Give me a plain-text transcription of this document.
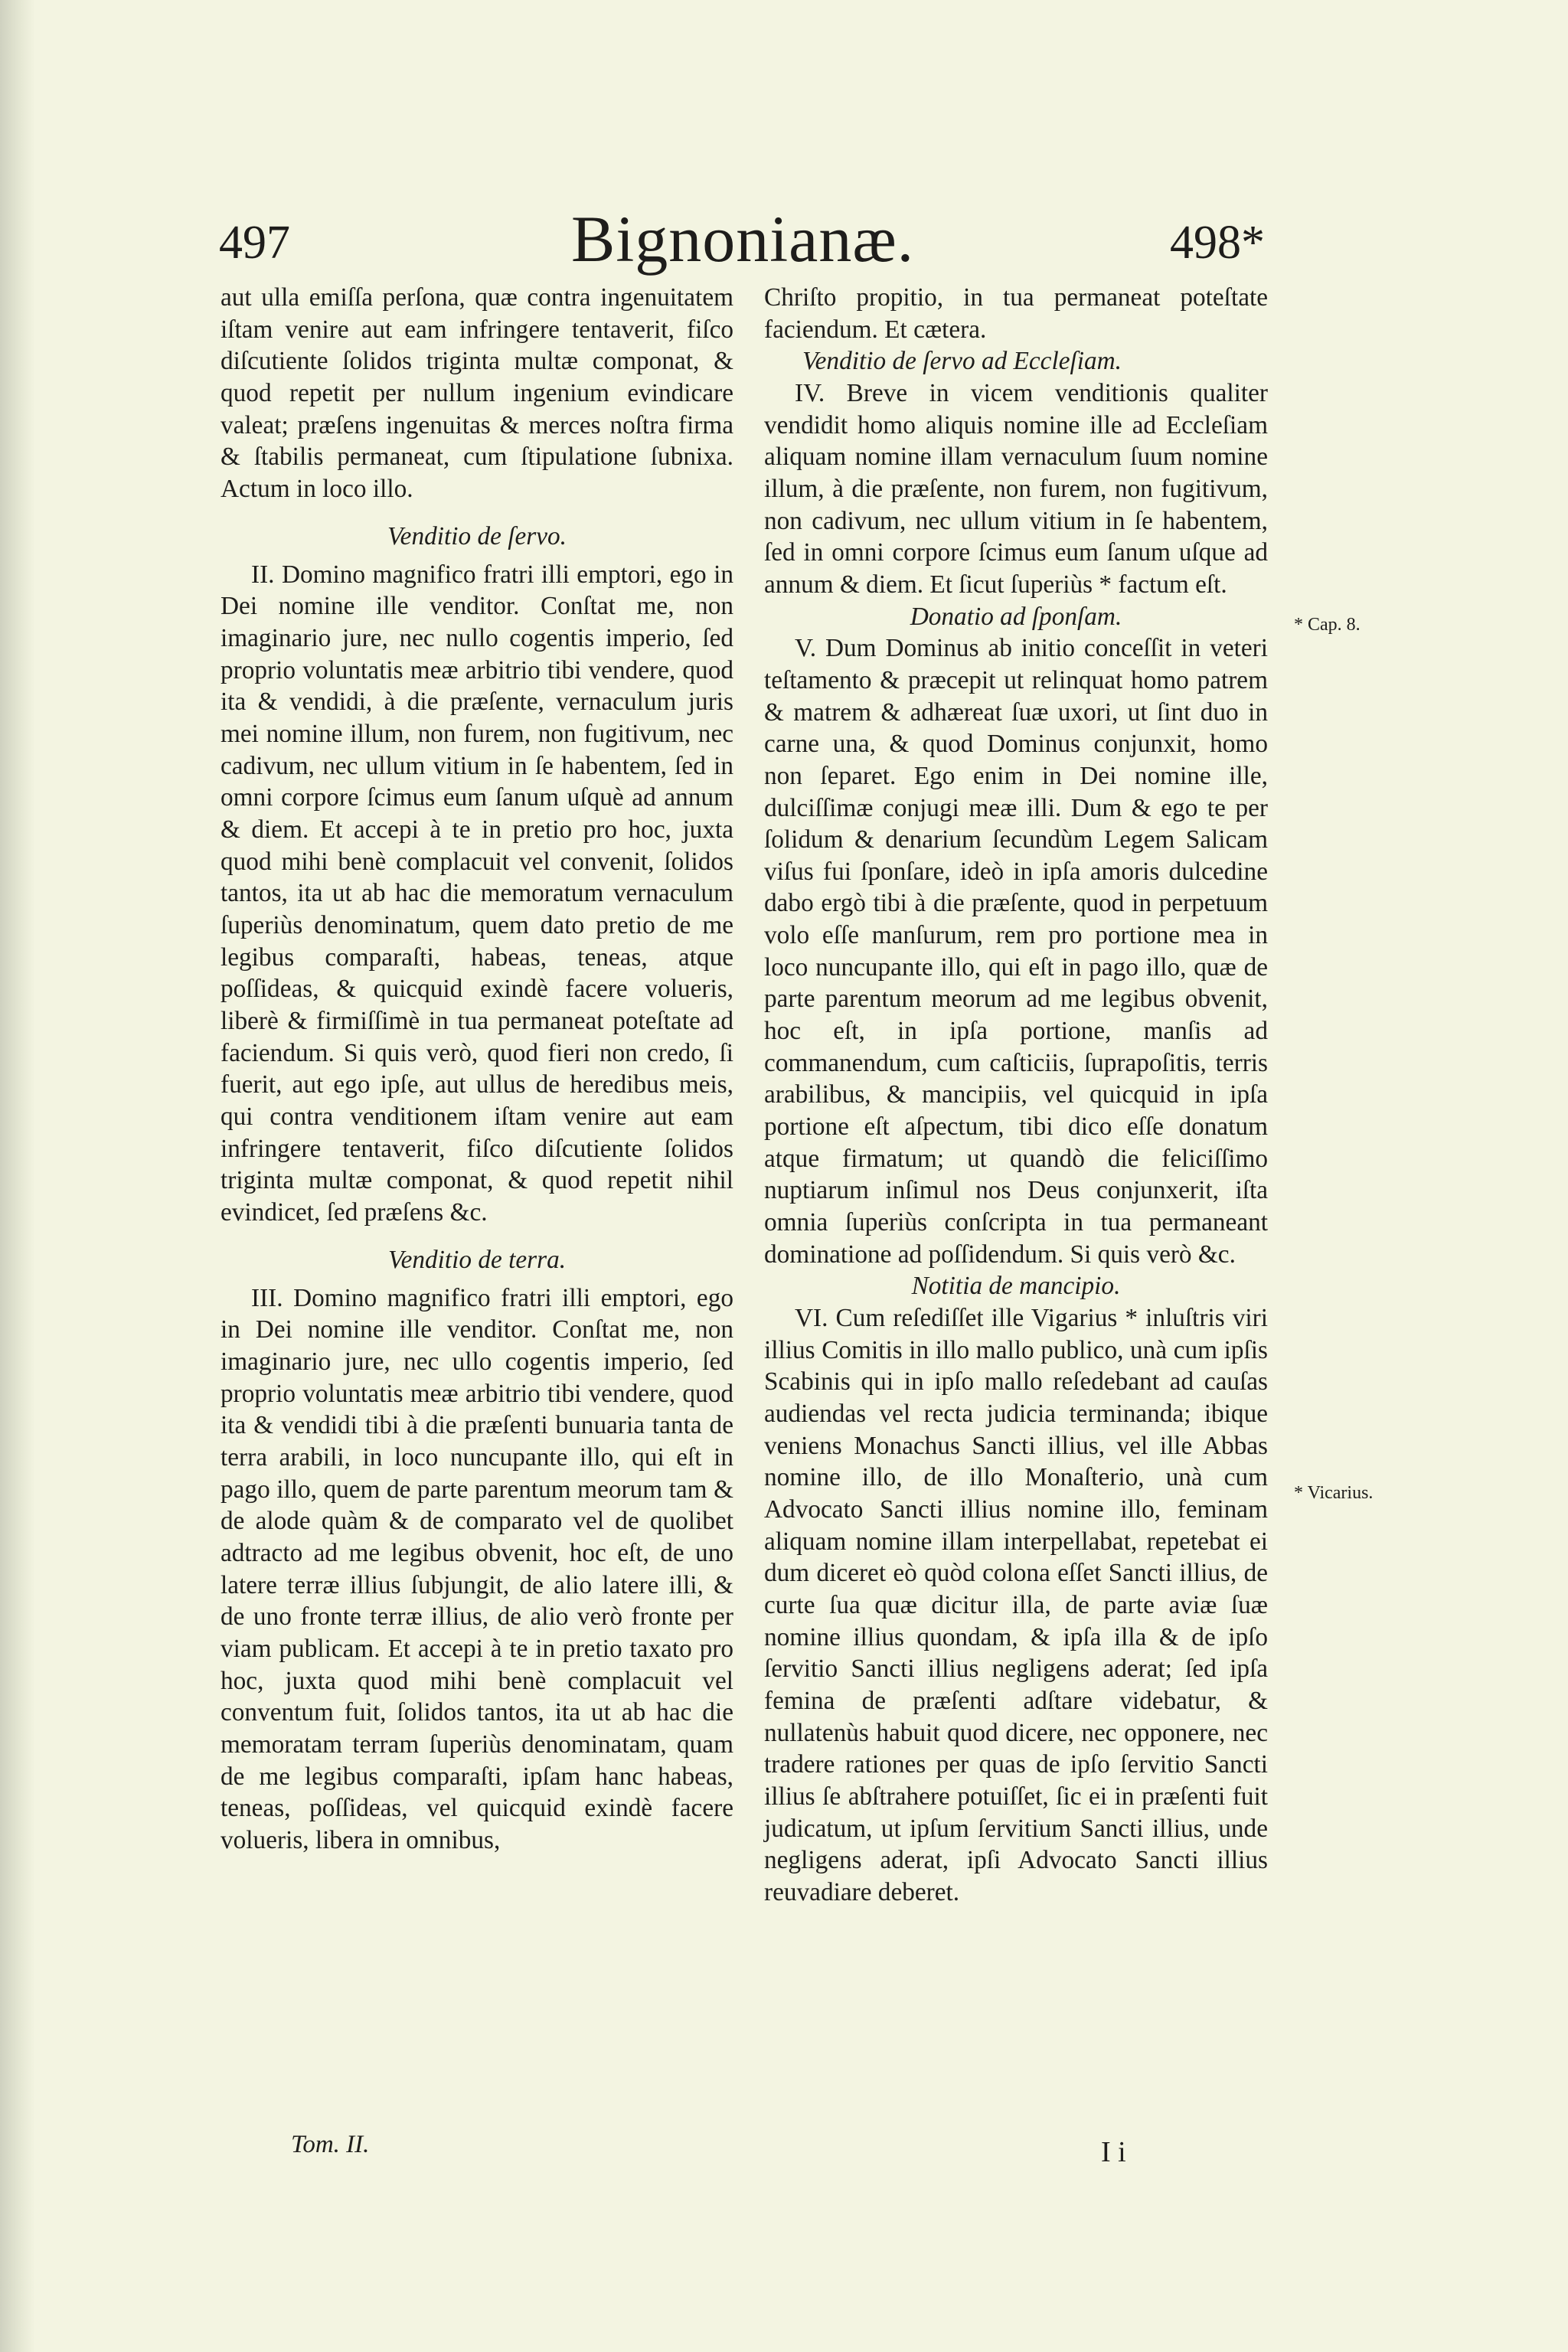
497	Bignonianæ.	498*

aut ulla emiſſa perſona, quæ contra ingenuitatem iſtam venire aut eam infringere tentaverit, fiſco diſcutiente ſolidos triginta multæ componat, & quod repetit per nullum ingenium evindicare valeat; præſens ingenuitas & merces noſtra firma & ſtabilis permaneat, cum ſtipulatione ſubnixa. Actum in loco illo.

Venditio de ſervo.

II. Domino magnifico fratri illi emptori, ego in Dei nomine ille venditor. Conſtat me, non imaginario jure, nec nullo cogentis imperio, ſed proprio voluntatis meæ arbitrio tibi vendere, quod ita & vendidi, à die præſente, vernaculum juris mei nomine illum, non furem, non fugitivum, nec cadivum, nec ullum vitium in ſe habentem, ſed in omni corpore ſcimus eum ſanum uſquè ad annum & diem. Et accepi à te in pretio pro hoc, juxta quod mihi benè complacuit vel convenit, ſolidos tantos, ita ut ab hac die memoratum vernaculum ſuperiùs denominatum, quem dato pretio de me legibus comparaſti, habeas, teneas, atque poſſideas, & quicquid exindè facere volueris, liberè & firmiſſimè in tua permaneat poteſtate ad faciendum. Si quis verò, quod fieri non credo, ſi fuerit, aut ego ipſe, aut ullus de heredibus meis, qui contra venditionem iſtam venire aut eam infringere tentaverit, fiſco diſcutiente ſolidos triginta multæ componat, & quod repetit nihil evindicet, ſed præſens &c.

Venditio de terra.

III. Domino magnifico fratri illi emptori, ego in Dei nomine ille venditor. Conſtat me, non imaginario jure, nec ullo cogentis imperio, ſed proprio voluntatis meæ arbitrio tibi vendere, quod ita & vendidi tibi à die præſenti bunuaria tanta de terra arabili, in loco nuncupante illo, qui eſt in pago illo, quem de parte parentum meorum tam & de alode quàm & de comparato vel de quolibet adtracto ad me legibus obvenit, hoc eſt, de uno latere terræ illius ſubjungit, de alio latere illi, & de uno fronte terræ illius, de alio verò fronte per viam publicam. Et accepi à te in pretio taxato pro hoc, juxta quod mihi benè complacuit vel conventum fuit, ſolidos tantos, ita ut ab hac die memoratam terram ſuperiùs denominatam, quam de me legibus comparaſti, ipſam hanc habeas, teneas, poſſideas, vel quicquid exindè facere volueris, libera in omnibus,

Chriſto propitio, in tua permaneat poteſtate faciendum. Et cætera.

Venditio de ſervo ad Eccleſiam.

IV. Breve in vicem venditionis qualiter vendidit homo aliquis nomine ille ad Eccleſiam aliquam nomine illam vernaculum ſuum nomine illum, à die præſente, non furem, non fugitivum, non cadivum, nec ullum vitium in ſe habentem, ſed in omni corpore ſcimus eum ſanum uſque ad annum & diem. Et ſicut ſuperiùs * factum eſt.

Donatio ad ſponſam.

V. Dum Dominus ab initio conceſſit in veteri teſtamento & præcepit ut relinquat homo patrem & matrem & adhæreat ſuæ uxori, ut ſint duo in carne una, & quod Dominus conjunxit, homo non ſeparet. Ego enim in Dei nomine ille, dulciſſimæ conjugi meæ illi. Dum & ego te per ſolidum & denarium ſecundùm Legem Salicam viſus fui ſponſare, ideò in ipſa amoris dulcedine dabo ergò tibi à die præſente, quod in perpetuum volo eſſe manſurum, rem pro portione mea in loco nuncupante illo, qui eſt in pago illo, quæ de parte parentum meorum ad me legibus obvenit, hoc eſt, in ipſa portione, manſis ad commanendum, cum caſticiis, ſuprapoſitis, terris arabilibus, & mancipiis, vel quicquid in ipſa portione eſt aſpectum, tibi dico eſſe donatum atque firmatum; ut quandò die feliciſſimo nuptiarum inſimul nos Deus conjunxerit, iſta omnia ſuperiùs conſcripta in tua permaneant dominatione ad poſſidendum. Si quis verò &c.

Notitia de mancipio.

VI. Cum reſediſſet ille Vigarius * inluſtris viri illius Comitis in illo mallo publico, unà cum ipſis Scabinis qui in ipſo mallo reſedebant ad cauſas audiendas vel recta judicia terminanda; ibique veniens Monachus Sancti illius, vel ille Abbas nomine illo, de illo Monaſterio, unà cum Advocato Sancti illius nomine illo, feminam aliquam nomine illam interpellabat, repetebat ei dum diceret eò quòd colona eſſet Sancti illius, de curte ſua quæ dicitur illa, de parte aviæ ſuæ nomine illius quondam, & ipſa illa & de ipſo ſervitio Sancti illius negligens aderat; ſed ipſa femina de præſenti adſtare videbatur, & nullatenùs habuit quod dicere, nec opponere, nec tradere rationes per quas de ipſo ſervitio Sancti illius ſe abſtrahere potuiſſet, ſic ei in præſenti fuit judicatum, ut ipſum ſervitium Sancti illius, unde negligens aderat, ipſi Advocato Sancti illius reuvadiare deberet.

* Cap. 8.
* Vicarius.
Tom. II.	I i
